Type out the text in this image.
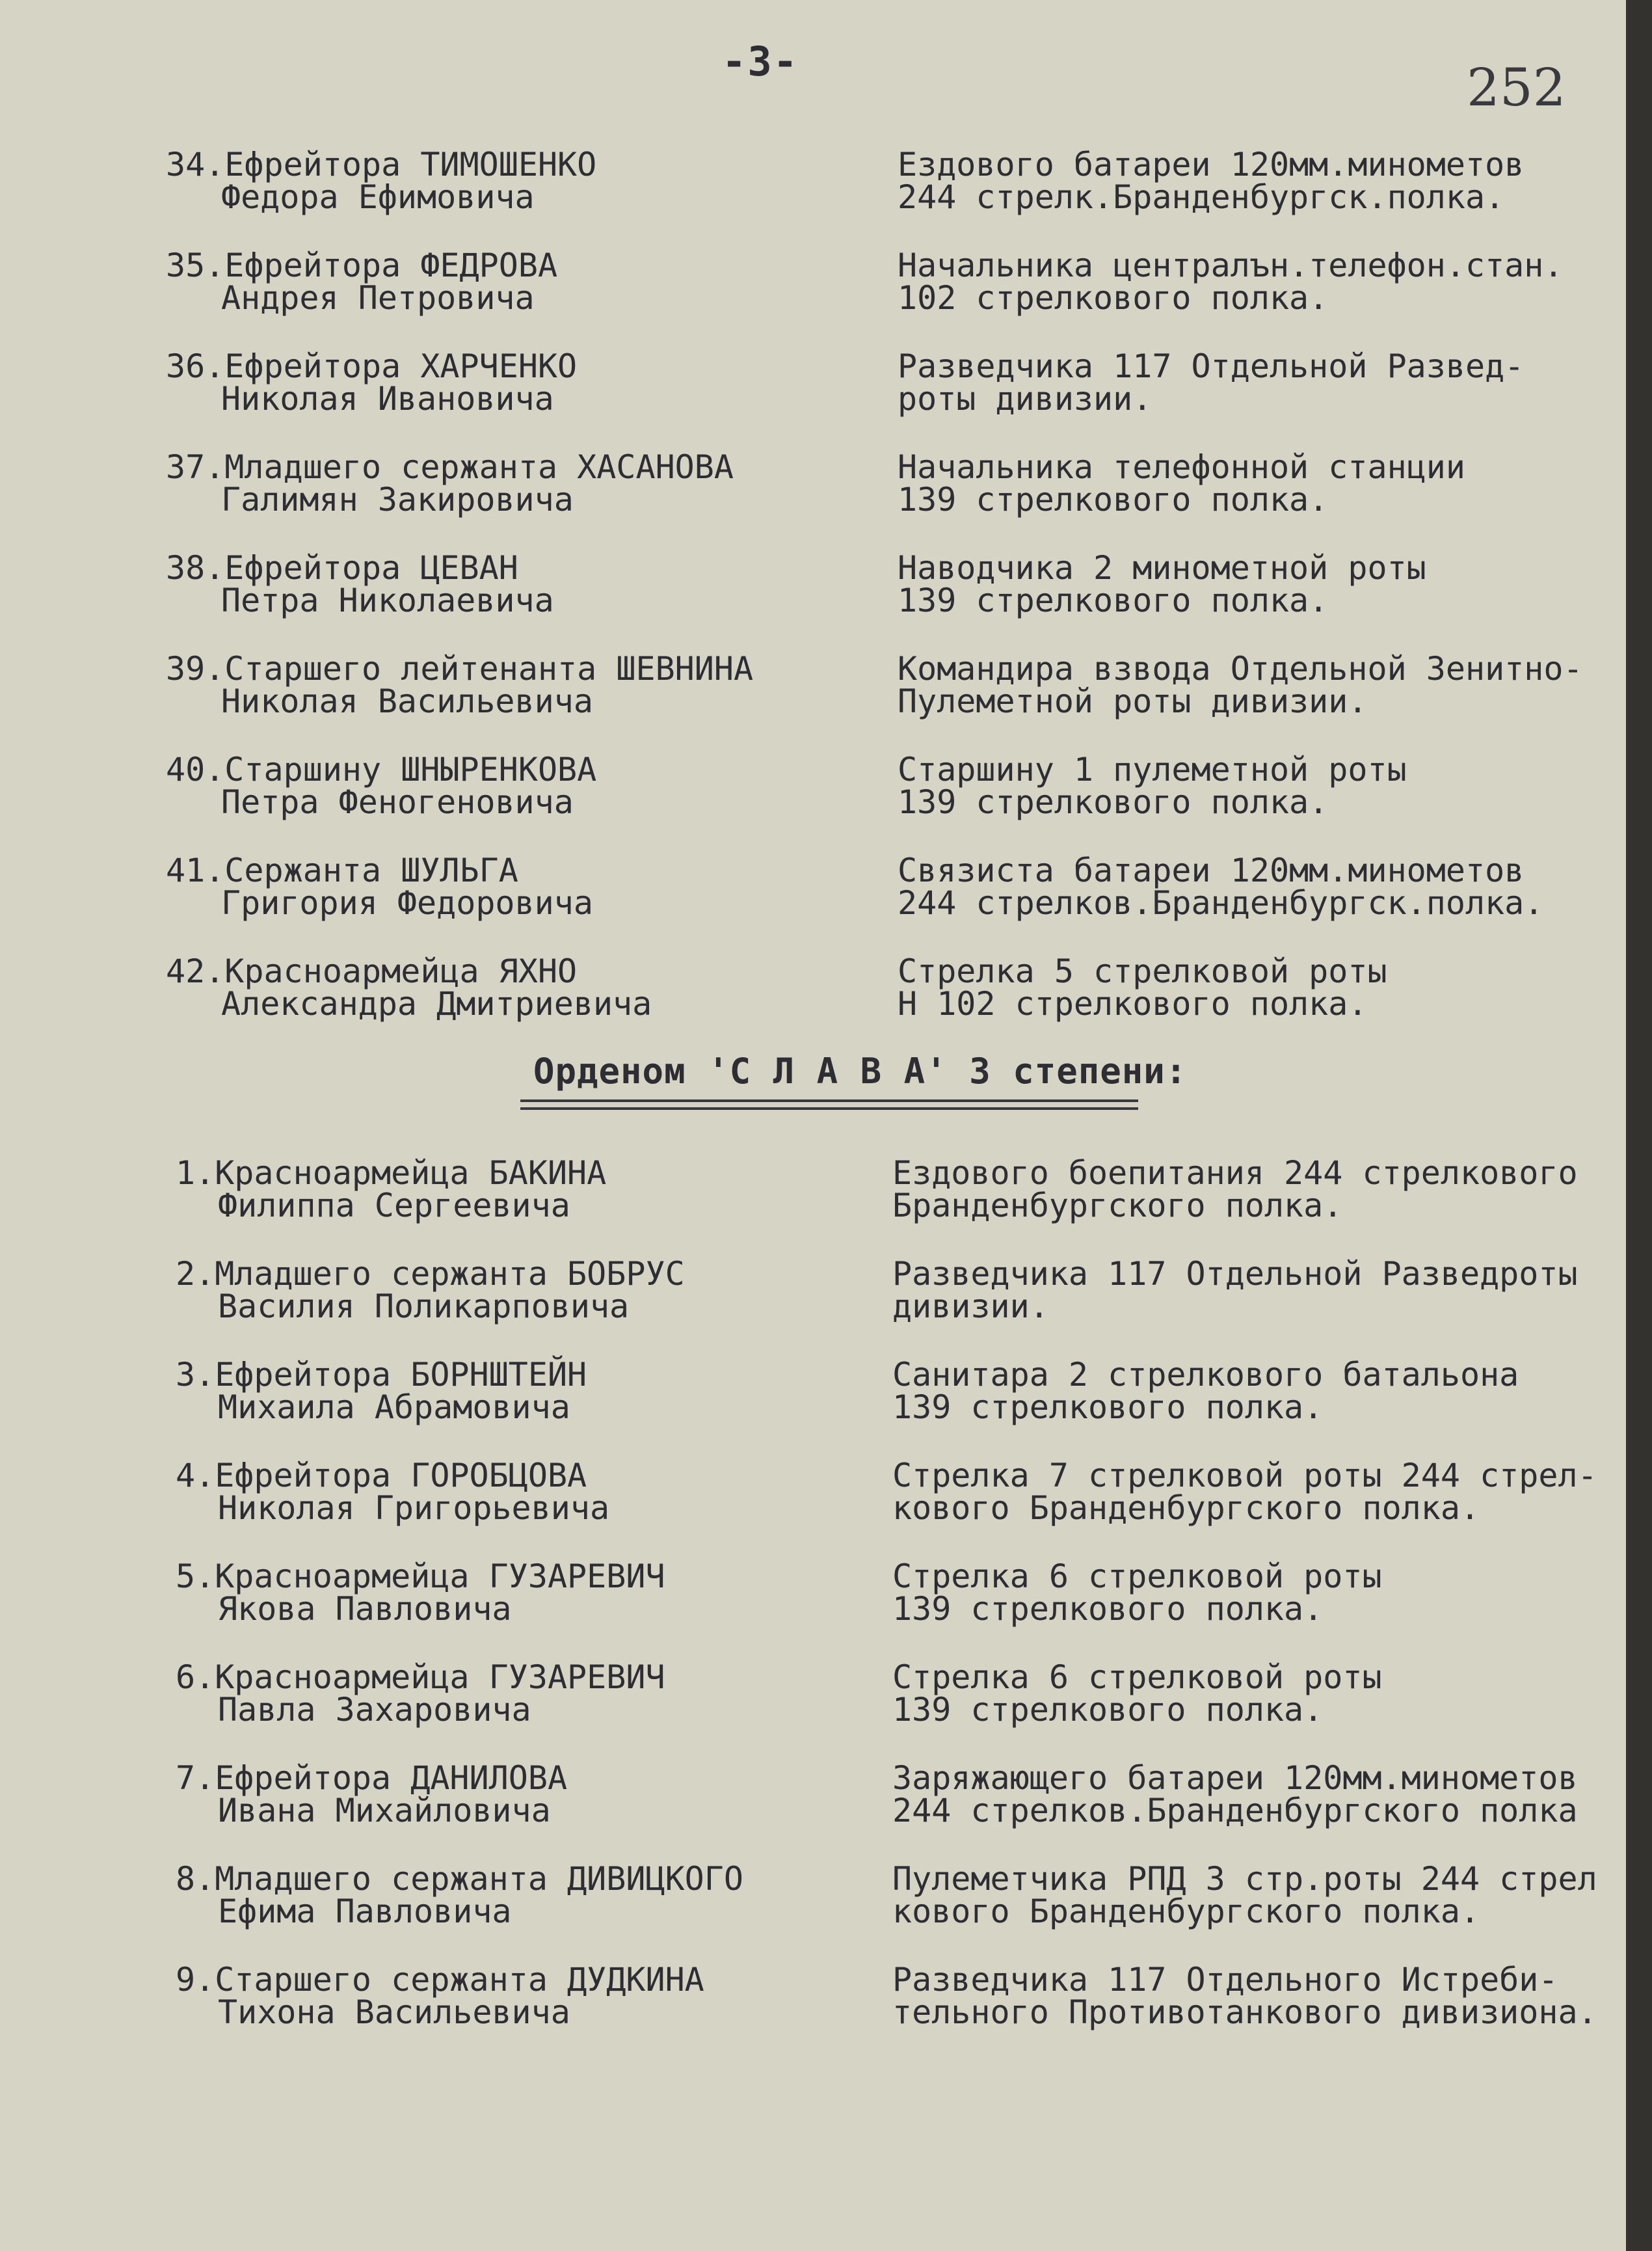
-3-	252
34.Ефрейтора ТИМОШЕНКО
Федора Ефимовича
Ездового батареи 120мм.минометов
244 стрелк.Бранденбургск.полка.
35.Ефрейтора ФЕДРОВА
Андрея Петровича
Начальника централън.телефон.стан.
102 стрелкового полка.
36.Ефрейтора ХАРЧЕНКО
Николая Ивановича
Разведчика 117 Отдельной Развед-
роты дивизии.
37.Младшего сержанта ХАСАНОВА
Галимян Закировича
Начальника телефонной станции
139 стрелкового полка.
38.Ефрейтора ЦЕВАН
Петра Николаевича
Наводчика 2 минометной роты
139 стрелкового полка.
39.Старшего лейтенанта ШЕВНИНА
Николая Васильевича
Командира взвода Отдельной Зенитно-
Пулеметной роты дивизии.
40.Старшину ШНЫРЕНКОВА
Петра Феногеновича
Старшину 1 пулеметной роты
139 стрелкового полка.
41.Сержанта ШУЛЬГА
Григория Федоровича
Связиста батареи 120мм.минометов
244 стрелков.Бранденбургск.полка.
42.Красноармейца ЯХНО
Александра Дмитриевича
Стрелка 5 стрелковой роты
Н 102 стрелкового полка.
Орденом 'С Л А В А' 3 степени:
1.Красноармейца БАКИНА
Филиппа Сергеевича
Ездового боепитания 244 стрелкового
Бранденбургского полка.
2.Младшего сержанта БОБРУС
Василия Поликарповича
Разведчика 117 Отдельной Разведроты
дивизии.
3.Ефрейтора БОРНШТЕЙН
Михаила Абрамовича
Санитара 2 стрелкового батальона
139 стрелкового полка.
4.Ефрейтора ГОРОБЦОВА
Николая Григорьевича
Стрелка 7 стрелковой роты 244 стрел-
кового Бранденбургского полка.
5.Красноармейца ГУЗАРЕВИЧ
Якова Павловича
Стрелка 6 стрелковой роты
139 стрелкового полка.
6.Красноармейца ГУЗАРЕВИЧ
Павла Захаровича
Стрелка 6 стрелковой роты
139 стрелкового полка.
7.Ефрейтора ДАНИЛОВА
Ивана Михайловича
Заряжающего батареи 120мм.минометов
244 стрелков.Бранденбургского полка
8.Младшего сержанта ДИВИЦКОГО
Ефима Павловича
Пулеметчика РПД 3 стр.роты 244 стрел
кового Бранденбургского полка.
9.Старшего сержанта ДУДКИНА
Тихона Васильевича
Разведчика 117 Отдельного Истреби-
тельного Противотанкового дивизиона.
